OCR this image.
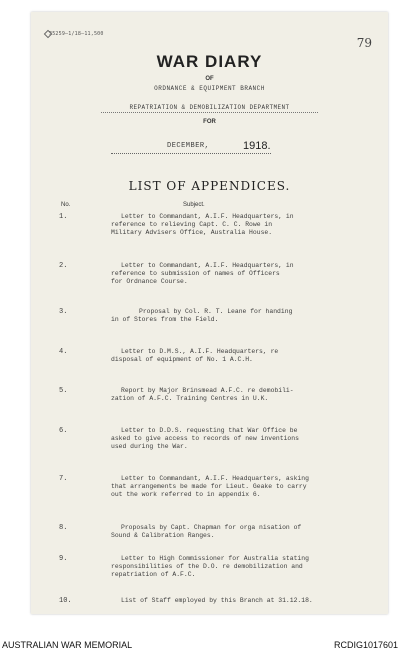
35259—1/18—11,500
79
WAR DIARY
OF
ORDNANCE & EQUIPMENT BRANCH
REPATRIATION & DEMOBILIZATION DEPARTMENT
FOR
DECEMBER,	1918.
LIST OF APPENDICES.
No.	Subject.
1.	Letter to Commandant, A.I.F. Headquarters, in
reference to relieving Capt. C. C. Rowe in
Military Advisers Office, Australia House.
2.	Letter to Commandant, A.I.F. Headquarters, in
reference to submission of names of Officers
for Ordnance Course.
3.	Proposal by Col. R. T. Leane for handing
in of Stores from the Field.
4.	Letter to D.M.S., A.I.F. Headquarters, re
disposal of equipment of No. 1 A.C.H.
5.	Report by Major Brinsmead A.F.C. re demobili-
zation of A.F.C. Training Centres in U.K.
6.	Letter to D.D.S. requesting that War Office be
asked to give access to records of new inventions
used during the War.
7.	Letter to Commandant, A.I.F. Headquarters, asking
that arrangements be made for Lieut. Geake to carry
out the work referred to in appendix 6.
8.	Proposals by Capt. Chapman for orga nisation of
Sound & Calibration Ranges.
9.	Letter to High Commissioner for Australia stating
responsibilities of the D.O. re demobilization and
repatriation of A.F.C.
10.	List of Staff employed by this Branch at 31.12.18.
AUSTRALIAN WAR MEMORIAL	RCDIG1017601
